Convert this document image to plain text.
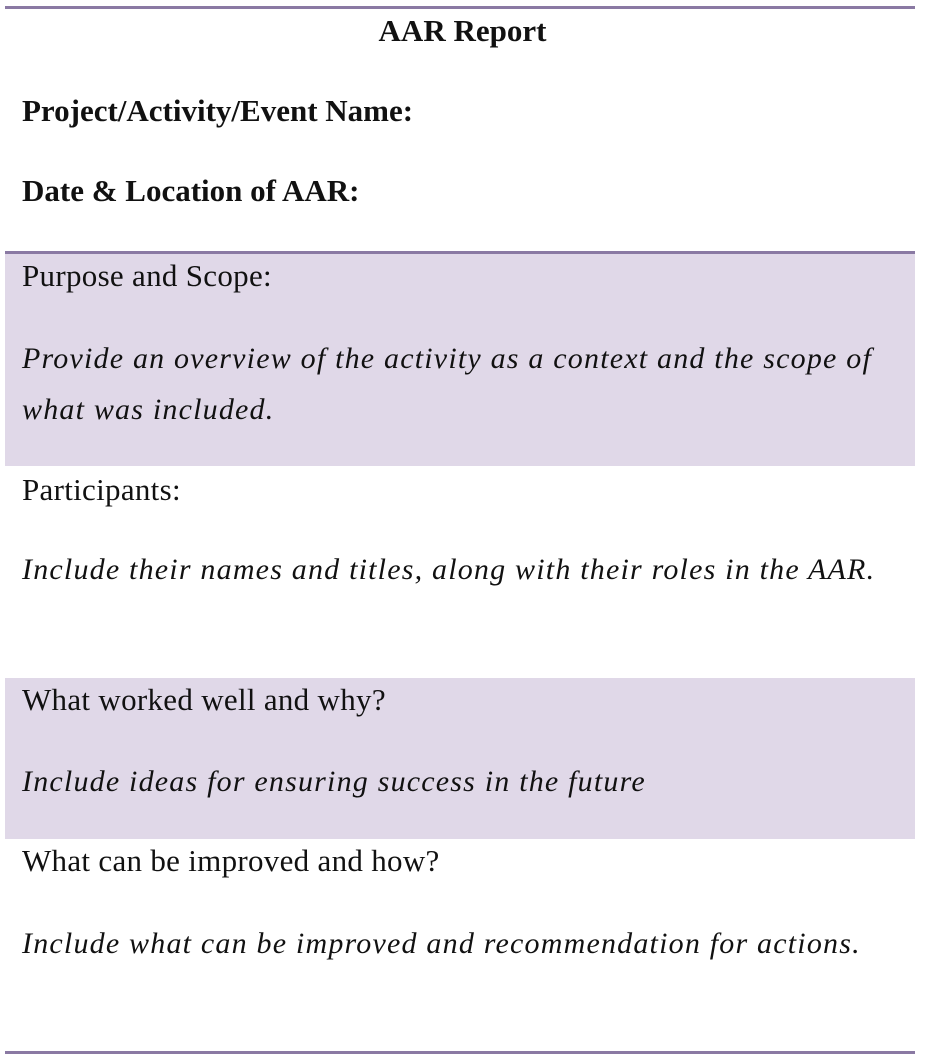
AAR Report
Project/Activity/Event Name:
Date & Location of AAR:
Purpose and Scope:
Provide an overview of the activity as a context and the scope of what was included.
Participants:
Include their names and titles, along with their roles in the AAR.
What worked well and why?
Include ideas for ensuring success in the future
What can be improved and how?
Include what can be improved and recommendation for actions.
